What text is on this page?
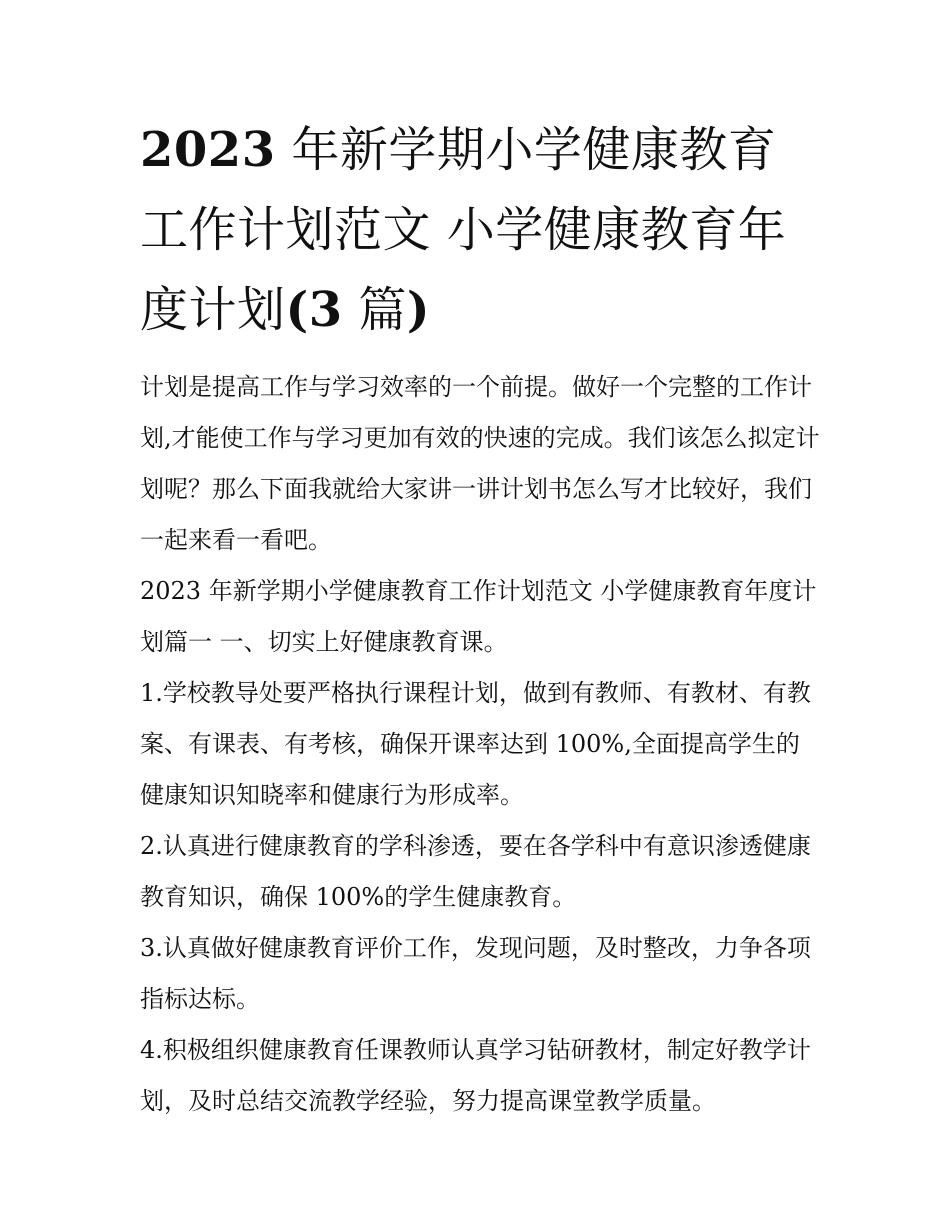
2023 年新学期小学健康教育工作计划范文 小学健康教育年度计划(3 篇)

计划是提高工作与学习效率的一个前提。做好一个完整的工作计划,才能使工作与学习更加有效的快速的完成。我们该怎么拟定计划呢？那么下面我就给大家讲一讲计划书怎么写才比较好，我们一起来看一看吧。

2023 年新学期小学健康教育工作计划范文 小学健康教育年度计划篇一 一、切实上好健康教育课。

1.学校教导处要严格执行课程计划，做到有教师、有教材、有教案、有课表、有考核，确保开课率达到 100%,全面提高学生的健康知识知晓率和健康行为形成率。

2.认真进行健康教育的学科渗透，要在各学科中有意识渗透健康教育知识，确保 100%的学生健康教育。

3.认真做好健康教育评价工作，发现问题，及时整改，力争各项指标达标。

4.积极组织健康教育任课教师认真学习钻研教材，制定好教学计划，及时总结交流教学经验，努力提高课堂教学质量。
